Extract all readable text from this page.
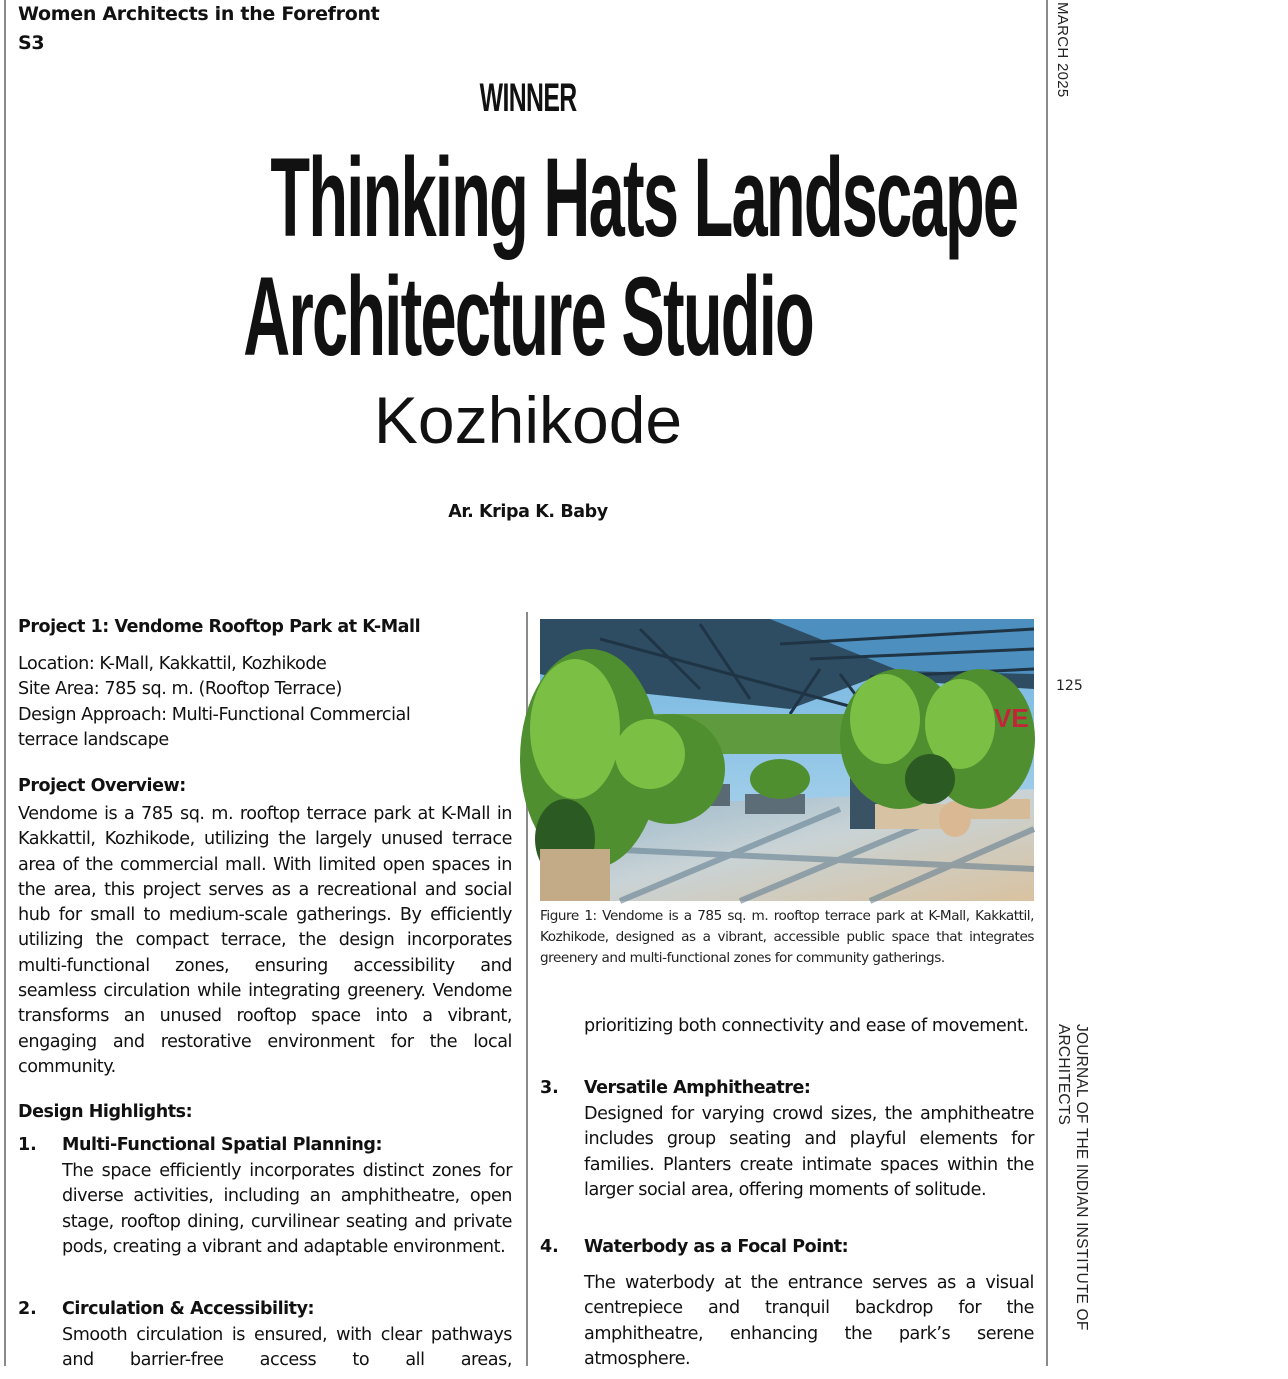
Women Architects in the Forefront
S3	MARCH 2025
125
JOURNAL OF THE INDIAN INSTITUTE OF ARCHITECTS
WINNER
Thinking Hats Landscape
Architecture Studio
Kozhikode
Ar. Kripa K. Baby
Project 1: Vendome Rooftop Park at K-Mall
Location: K-Mall, Kakkattil, Kozhikode
Site Area: 785 sq. m. (Rooftop Terrace)
Design Approach: Multi-Functional Commercial
terrace landscape
Project Overview:
Vendome is a 785 sq. m. rooftop terrace park at K-Mall in Kakkattil, Kozhikode, utilizing the largely unused terrace area of the commercial mall. With limited open spaces in the area, this project serves as a recreational and social hub for small to medium-scale gatherings. By efficiently utilizing the compact terrace, the design incorporates multi-functional zones, ensuring accessibility and seamless circulation while integrating greenery. Vendome transforms an unused rooftop space into a vibrant, engaging and restorative environment for the local community.
Design Highlights:
1. Multi-Functional Spatial Planning:
The space efficiently incorporates distinct zones for diverse activities, including an amphitheatre, open stage, rooftop dining, curvilinear seating and private pods, creating a vibrant and adaptable environment.
2. Circulation & Accessibility:
Smooth circulation is ensured, with clear pathways and barrier-free access to all areas,
VE
Figure 1: Vendome is a 785 sq. m. rooftop terrace park at K-Mall, Kakkattil, Kozhikode, designed as a vibrant, accessible public space that integrates greenery and multi-functional zones for community gatherings.
prioritizing both connectivity and ease of movement.
3. Versatile Amphitheatre:
Designed for varying crowd sizes, the amphitheatre includes group seating and playful elements for families. Planters create intimate spaces within the larger social area, offering moments of solitude.
4. Waterbody as a Focal Point:
The waterbody at the entrance serves as a visual centrepiece and tranquil backdrop for the amphitheatre, enhancing the park’s serene atmosphere.
